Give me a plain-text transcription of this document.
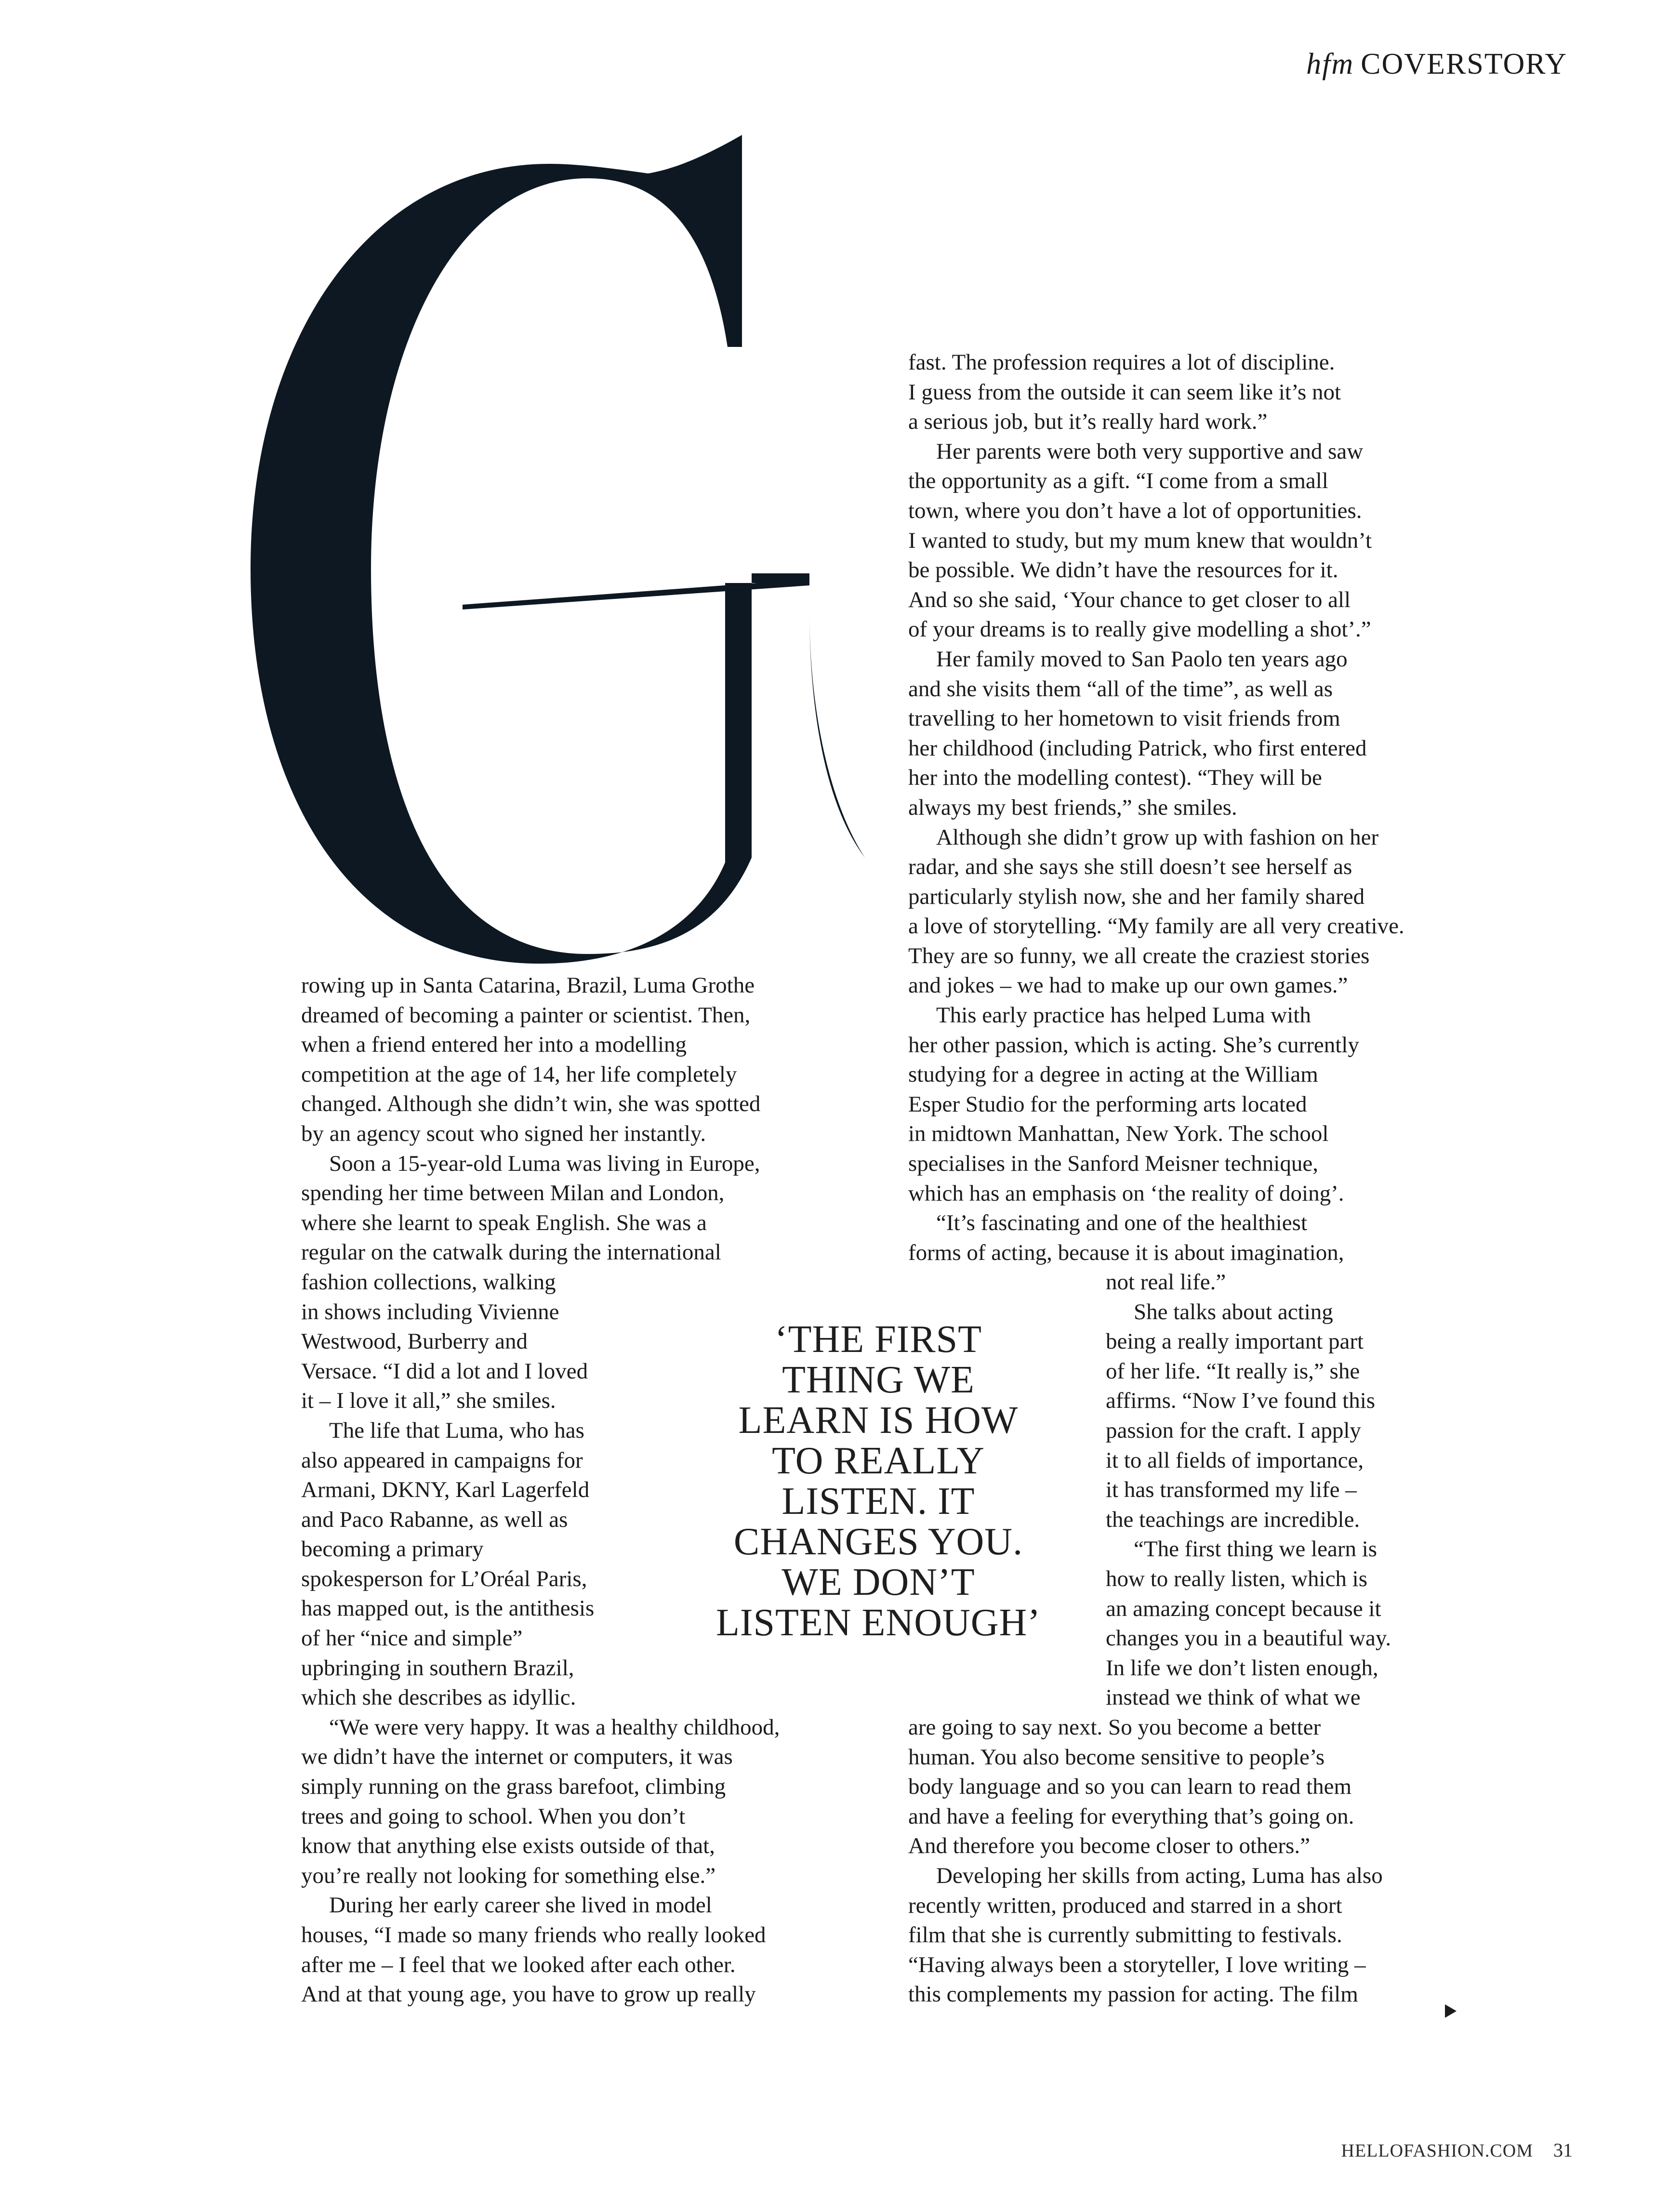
hfm COVERSTORY
rowing up in Santa Catarina, Brazil, Luma Grothe
dreamed of becoming a painter or scientist. Then,
when a friend entered her into a modelling
competition at the age of 14, her life completely
changed. Although she didn’t win, she was spotted
by an agency scout who signed her instantly.
Soon a 15-year-old Luma was living in Europe,
spending her time between Milan and London,
where she learnt to speak English. She was a
regular on the catwalk during the international
fashion collections, walking
in shows including Vivienne
Westwood, Burberry and
Versace. “I did a lot and I loved
it – I love it all,” she smiles.
The life that Luma, who has
also appeared in campaigns for
Armani, DKNY, Karl Lagerfeld
and Paco Rabanne, as well as
becoming a primary
spokesperson for L’Oréal Paris,
has mapped out, is the antithesis
of her “nice and simple”
upbringing in southern Brazil,
which she describes as idyllic.
“We were very happy. It was a healthy childhood,
we didn’t have the internet or computers, it was
simply running on the grass barefoot, climbing
trees and going to school. When you don’t
know that anything else exists outside of that,
you’re really not looking for something else.”
During her early career she lived in model
houses, “I made so many friends who really looked
after me – I feel that we looked after each other.
And at that young age, you have to grow up really
fast. The profession requires a lot of discipline.
I guess from the outside it can seem like it’s not
a serious job, but it’s really hard work.”
Her parents were both very supportive and saw
the opportunity as a gift. “I come from a small
town, where you don’t have a lot of opportunities.
I wanted to study, but my mum knew that wouldn’t
be possible. We didn’t have the resources for it.
And so she said, ‘Your chance to get closer to all
of your dreams is to really give modelling a shot’.”
Her family moved to San Paolo ten years ago
and she visits them “all of the time”, as well as
travelling to her hometown to visit friends from
her childhood (including Patrick, who first entered
her into the modelling contest). “They will be
always my best friends,” she smiles.
Although she didn’t grow up with fashion on her
radar, and she says she still doesn’t see herself as
particularly stylish now, she and her family shared
a love of storytelling. “My family are all very creative.
They are so funny, we all create the craziest stories
and jokes – we had to make up our own games.”
This early practice has helped Luma with
her other passion, which is acting. She’s currently
studying for a degree in acting at the William
Esper Studio for the performing arts located
in midtown Manhattan, New York. The school
specialises in the Sanford Meisner technique,
which has an emphasis on ‘the reality of doing’.
“It’s fascinating and one of the healthiest
forms of acting, because it is about imagination,
not real life.”
She talks about acting
being a really important part
of her life. “It really is,” she
affirms. “Now I’ve found this
passion for the craft. I apply
it to all fields of importance,
it has transformed my life –
the teachings are incredible.
“The first thing we learn is
how to really listen, which is
an amazing concept because it
changes you in a beautiful way.
In life we don’t listen enough,
instead we think of what we
are going to say next. So you become a better
human. You also become sensitive to people’s
body language and so you can learn to read them
and have a feeling for everything that’s going on.
And therefore you become closer to others.”
Developing her skills from acting, Luma has also
recently written, produced and starred in a short
film that she is currently submitting to festivals.
“Having always been a storyteller, I love writing –
this complements my passion for acting. The film
‘THE FIRST
THING WE
LEARN IS HOW
TO REALLY
LISTEN. IT
CHANGES YOU.
WE DON’T
LISTEN ENOUGH’
HELLOFASHION.COM 31
